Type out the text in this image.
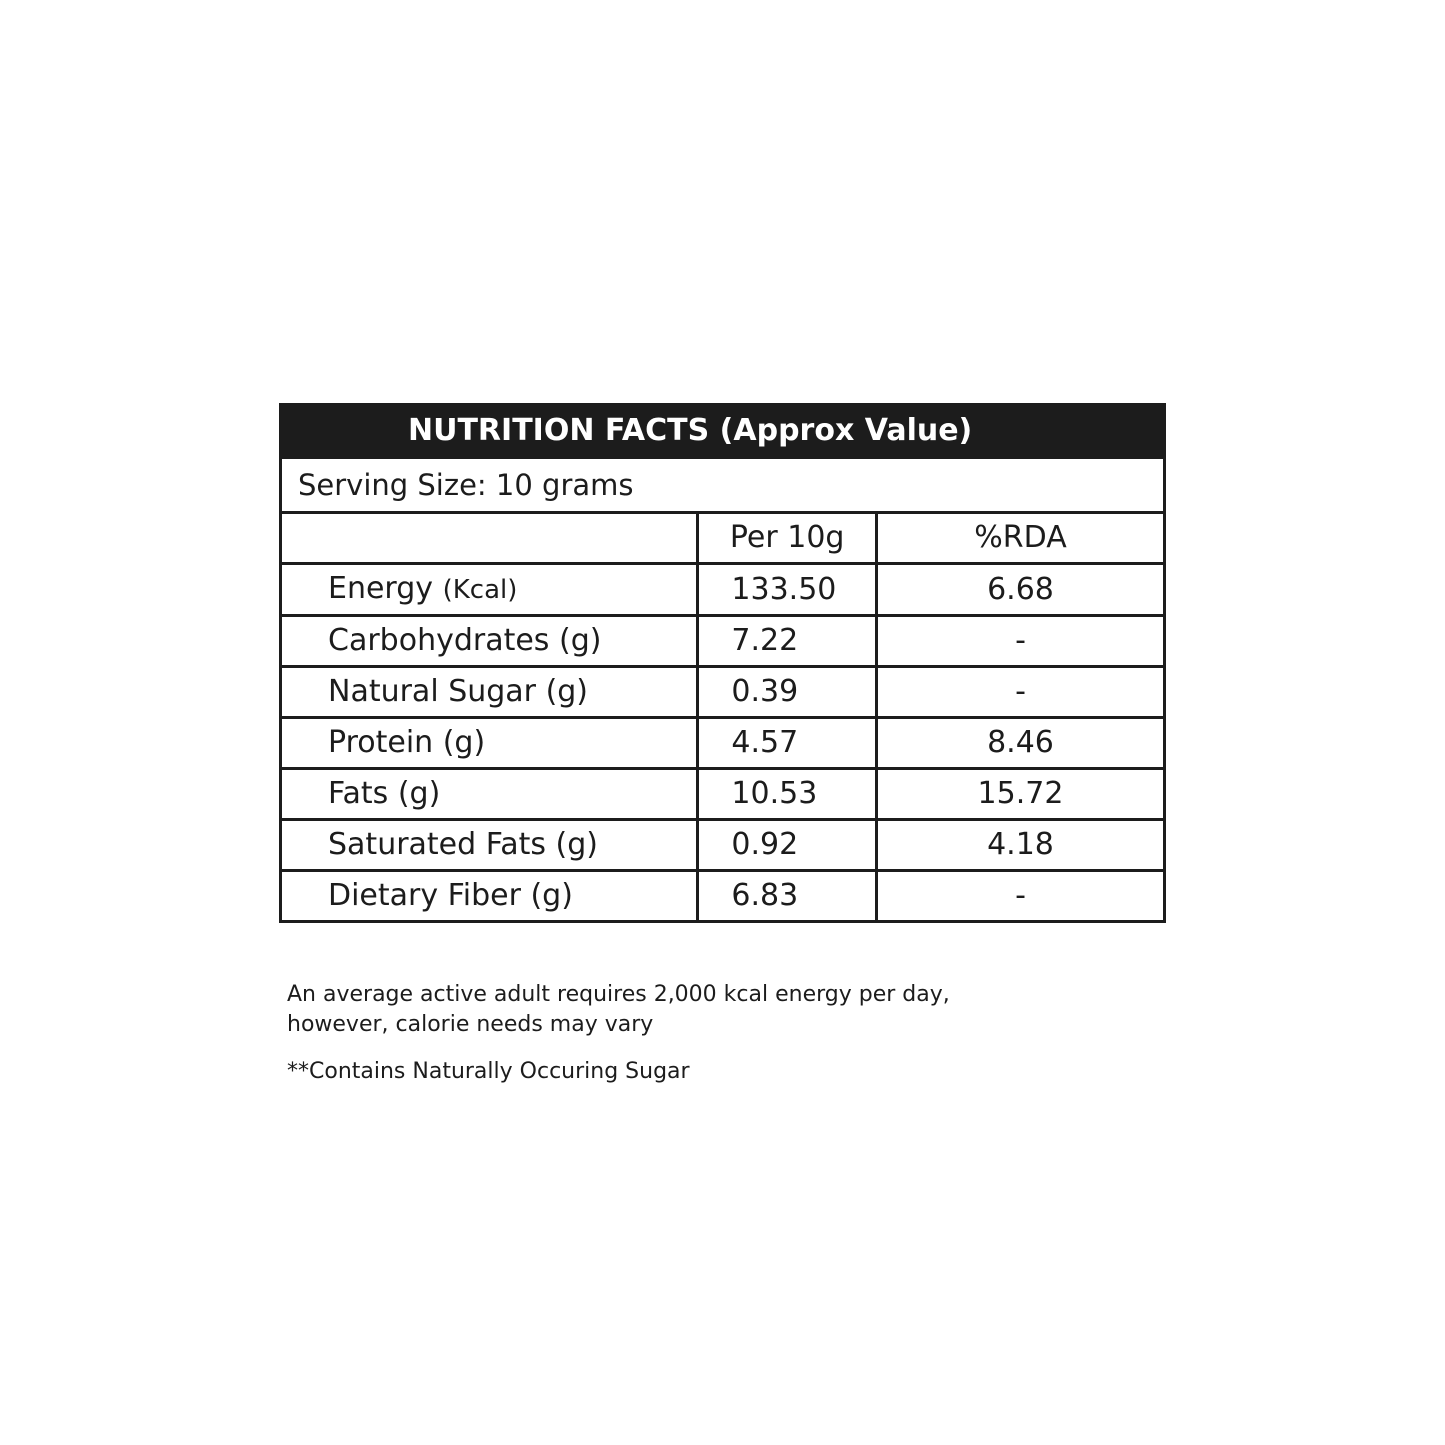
NUTRITION FACTS (Approx Value)		
Serving Size: 10 grams		
	Per 10g	%RDA
Energy (Kcal)	133.50	6.68
Carbohydrates (g)	7.22	-
Natural Sugar (g)	0.39	-
Protein (g)	4.57	8.46
Fats (g)	10.53	15.72
Saturated Fats (g)	0.92	4.18
Dietary Fiber (g)	6.83	-

An average active adult requires 2,000 kcal energy per day,
however, calorie needs may vary

**Contains Naturally Occuring Sugar
